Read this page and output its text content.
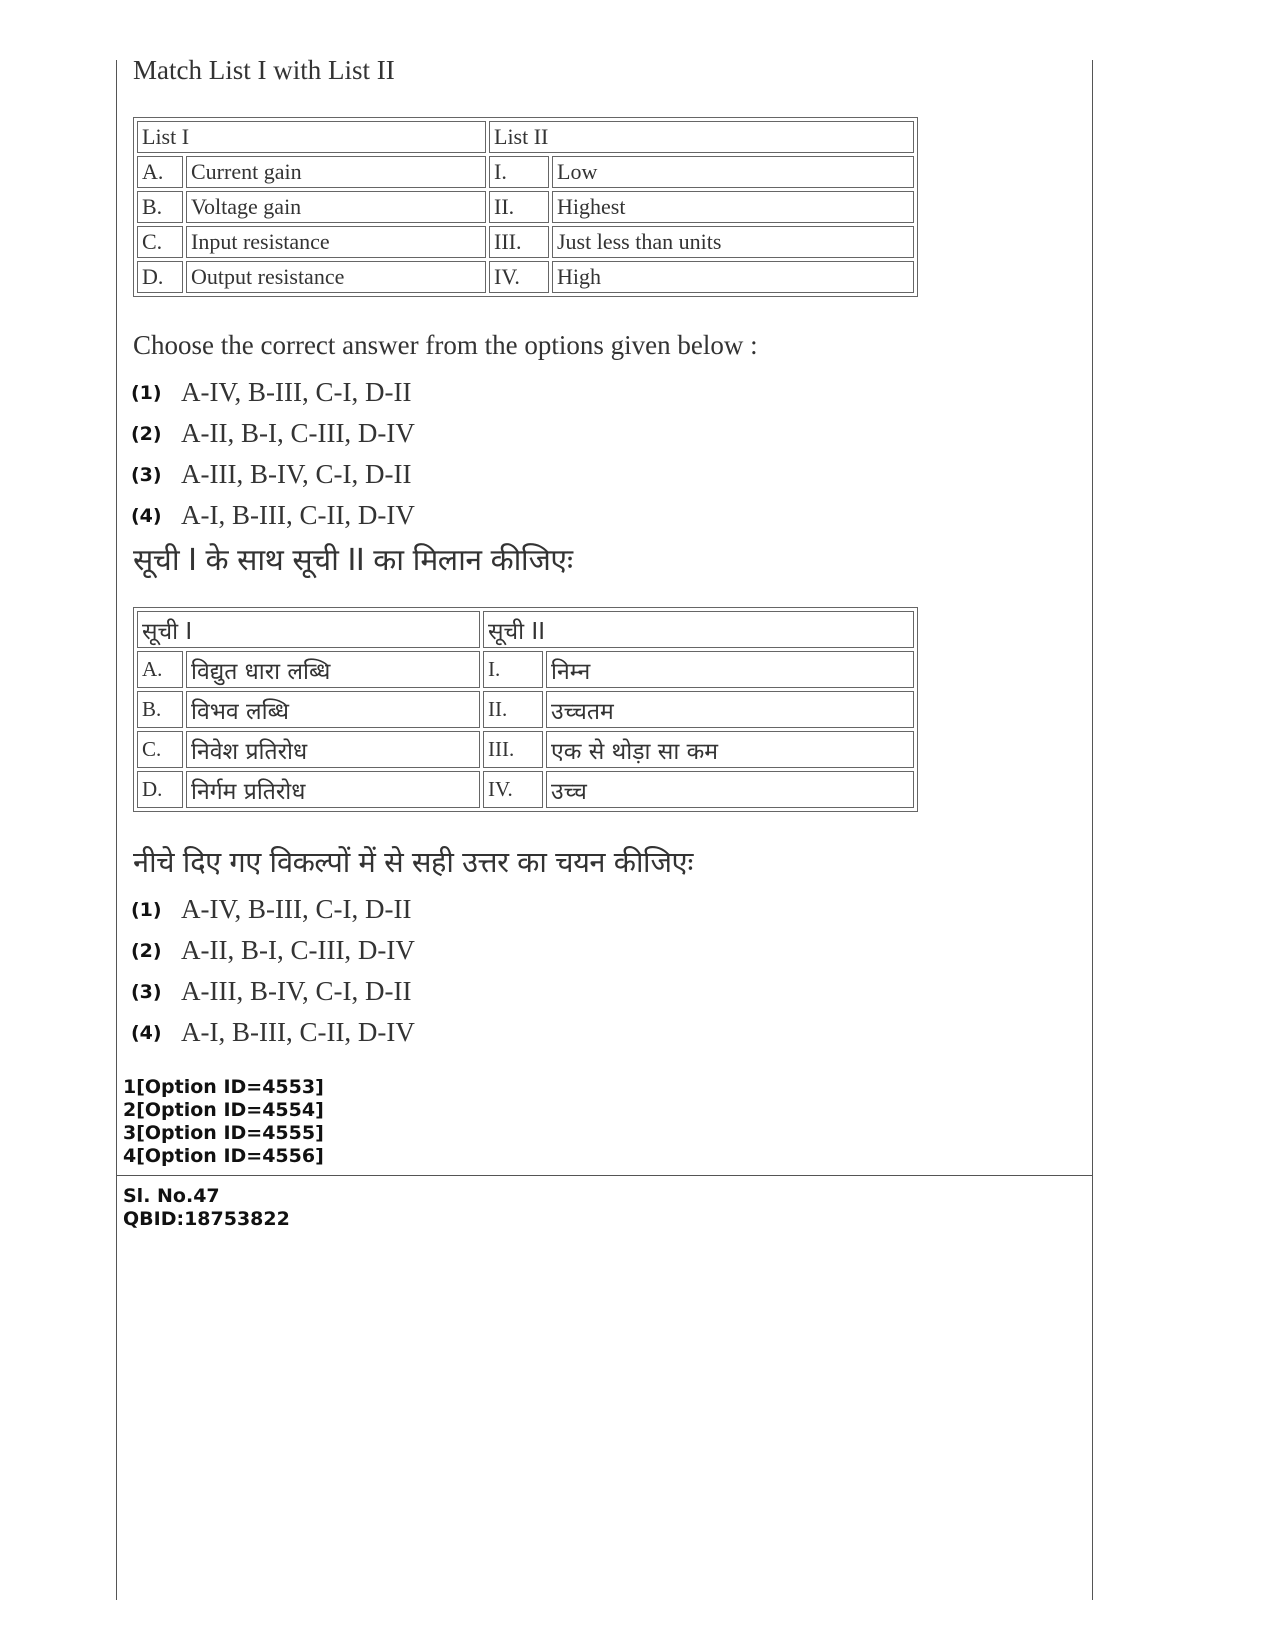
Match List I with List II
List I		List II	
A.	Current gain	I.	Low
B.	Voltage gain	II.	Highest
C.	Input resistance	III.	Just less than units
D.	Output resistance	IV.	High
Choose the correct answer from the options given below :
(1) A-IV, B-III, C-I, D-II
(2) A-II, B-I, C-III, D-IV
(3) A-III, B-IV, C-I, D-II
(4) A-I, B-III, C-II, D-IV
सूची I के साथ सूची II का मिलान कीजिएः
सूची I		सूची II	
A.	विद्युत धारा लब्धि	I.	निम्न
B.	विभव लब्धि	II.	उच्चतम
C.	निवेश प्रतिरोध	III.	एक से थोड़ा सा कम
D.	निर्गम प्रतिरोध	IV.	उच्च
नीचे दिए गए विकल्पों में से सही उत्तर का चयन कीजिएः
(1) A-IV, B-III, C-I, D-II
(2) A-II, B-I, C-III, D-IV
(3) A-III, B-IV, C-I, D-II
(4) A-I, B-III, C-II, D-IV
1[Option ID=4553]
2[Option ID=4554]
3[Option ID=4555]
4[Option ID=4556]
Sl. No.47
QBID:18753822
